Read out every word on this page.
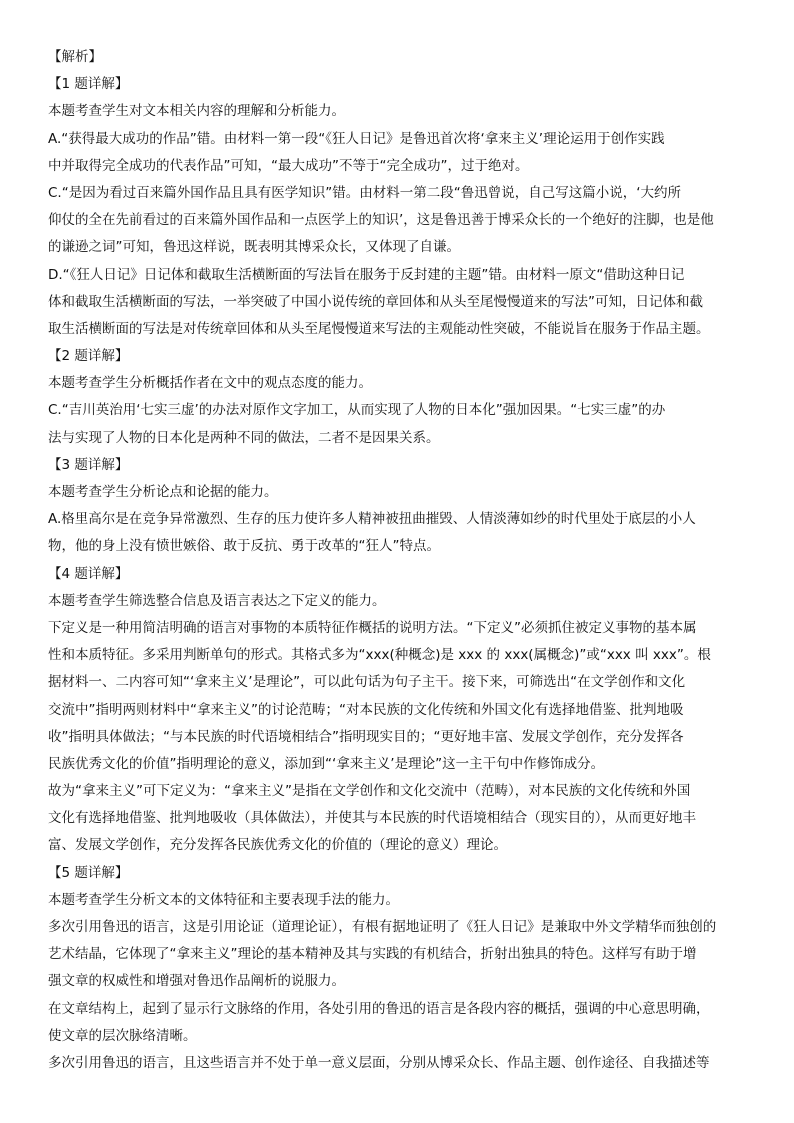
【解析】
【1 题详解】
本题考查学生对文本相关内容的理解和分析能力。
A.“获得最大成功的作品”错。由材料一第一段“《狂人日记》是鲁迅首次将‘拿来主义’理论运用于创作实践
中并取得完全成功的代表作品”可知，“最大成功”不等于“完全成功”，过于绝对。
C.“是因为看过百来篇外国作品且具有医学知识”错。由材料一第二段“鲁迅曾说，自己写这篇小说，‘大约所
仰仗的全在先前看过的百来篇外国作品和一点医学上的知识’，这是鲁迅善于博采众长的一个绝好的注脚，也是他
的谦逊之词”可知，鲁迅这样说，既表明其博采众长，又体现了自谦。
D.“《狂人日记》日记体和截取生活横断面的写法旨在服务于反封建的主题”错。由材料一原文“借助这种日记
体和截取生活横断面的写法，一举突破了中国小说传统的章回体和从头至尾慢慢道来的写法”可知，日记体和截
取生活横断面的写法是对传统章回体和从头至尾慢慢道来写法的主观能动性突破，不能说旨在服务于作品主题。
【2 题详解】
本题考查学生分析概括作者在文中的观点态度的能力。
C.“吉川英治用‘七实三虚’的办法对原作文字加工，从而实现了人物的日本化”强加因果。“七实三虚”的办
法与实现了人物的日本化是两种不同的做法，二者不是因果关系。
【3 题详解】
本题考查学生分析论点和论据的能力。
A.格里高尔是在竞争异常激烈、生存的压力使许多人精神被扭曲摧毁、人情淡薄如纱的时代里处于底层的小人
物，他的身上没有愤世嫉俗、敢于反抗、勇于改革的“狂人”特点。
【4 题详解】
本题考查学生筛选整合信息及语言表达之下定义的能力。
下定义是一种用简洁明确的语言对事物的本质特征作概括的说明方法。“下定义”必须抓住被定义事物的基本属
性和本质特征。多采用判断单句的形式。其格式多为“xxx(种概念)是 xxx 的 xxx(属概念)”或“xxx 叫 xxx”。根
据材料一、二内容可知“‘拿来主义’是理论”，可以此句话为句子主干。接下来，可筛选出“在文学创作和文化
交流中”指明两则材料中“拿来主义”的讨论范畴；“对本民族的文化传统和外国文化有选择地借鉴、批判地吸
收”指明具体做法；“与本民族的时代语境相结合”指明现实目的；“更好地丰富、发展文学创作，充分发挥各
民族优秀文化的价值”指明理论的意义，添加到“‘拿来主义’是理论”这一主干句中作修饰成分。
故为“拿来主义”可下定义为：“拿来主义”是指在文学创作和文化交流中（范畴），对本民族的文化传统和外国
文化有选择地借鉴、批判地吸收（具体做法），并使其与本民族的时代语境相结合（现实目的），从而更好地丰
富、发展文学创作，充分发挥各民族优秀文化的价值的（理论的意义）理论。
【5 题详解】
本题考查学生分析文本的文体特征和主要表现手法的能力。
多次引用鲁迅的语言，这是引用论证（道理论证），有根有据地证明了《狂人日记》是兼取中外文学精华而独创的
艺术结晶，它体现了“拿来主义”理论的基本精神及其与实践的有机结合，折射出独具的特色。这样写有助于增
强文章的权威性和增强对鲁迅作品阐析的说服力。
在文章结构上，起到了显示行文脉络的作用，各处引用的鲁迅的语言是各段内容的概括，强调的中心意思明确，
使文章的层次脉络清晰。
多次引用鲁迅的语言，且这些语言并不处于单一意义层面，分别从博采众长、作品主题、创作途径、自我描述等
